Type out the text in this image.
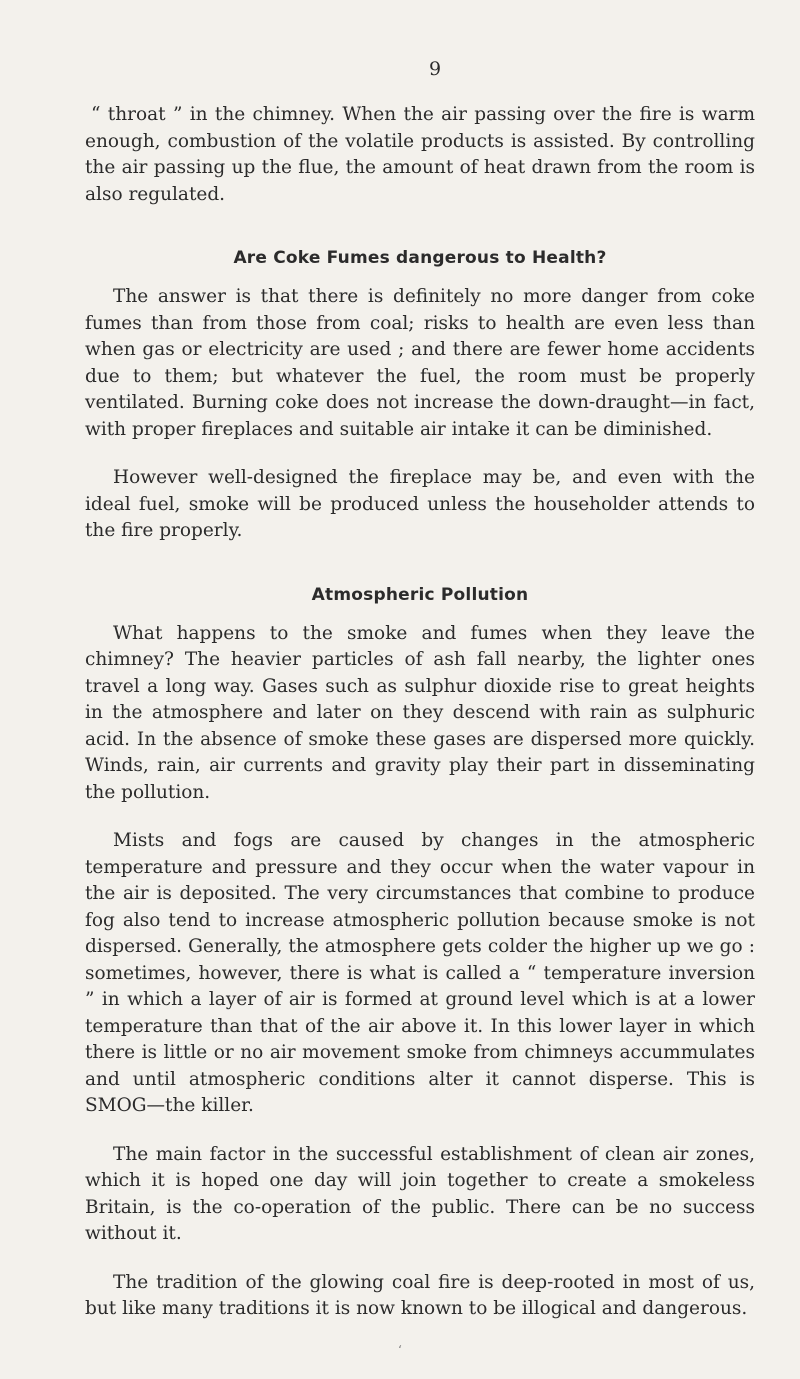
9

“ throat ” in the chimney. When the air passing over the fire is warm enough, combustion of the volatile products is assisted. By controlling the air passing up the flue, the amount of heat drawn from the room is also regulated.

Are Coke Fumes dangerous to Health?

The answer is that there is definitely no more danger from coke fumes than from those from coal; risks to health are even less than when gas or electricity are used ; and there are fewer home accidents due to them; but whatever the fuel, the room must be properly ventilated. Burning coke does not increase the down-draught—in fact, with proper fireplaces and suitable air intake it can be diminished.

However well-designed the fireplace may be, and even with the ideal fuel, smoke will be produced unless the householder attends to the fire properly.

Atmospheric Pollution

What happens to the smoke and fumes when they leave the chimney? The heavier particles of ash fall nearby, the lighter ones travel a long way. Gases such as sulphur dioxide rise to great heights in the atmosphere and later on they descend with rain as sulphuric acid. In the absence of smoke these gases are dispersed more quickly. Winds, rain, air currents and gravity play their part in disseminating the pollution.

Mists and fogs are caused by changes in the atmospheric temperature and pressure and they occur when the water vapour in the air is deposited. The very circumstances that combine to produce fog also tend to increase atmospheric pollution because smoke is not dispersed. Generally, the atmosphere gets colder the higher up we go : sometimes, however, there is what is called a “ temperature inversion ” in which a layer of air is formed at ground level which is at a lower temperature than that of the air above it. In this lower layer in which there is little or no air movement smoke from chimneys accummulates and until atmospheric conditions alter it cannot disperse. This is SMOG—the killer.

The main factor in the successful establishment of clean air zones, which it is hoped one day will join together to create a smokeless Britain, is the co-operation of the public. There can be no success without it.

The tradition of the glowing coal fire is deep-rooted in most of us, but like many traditions it is now known to be illogical and dangerous.

‘
